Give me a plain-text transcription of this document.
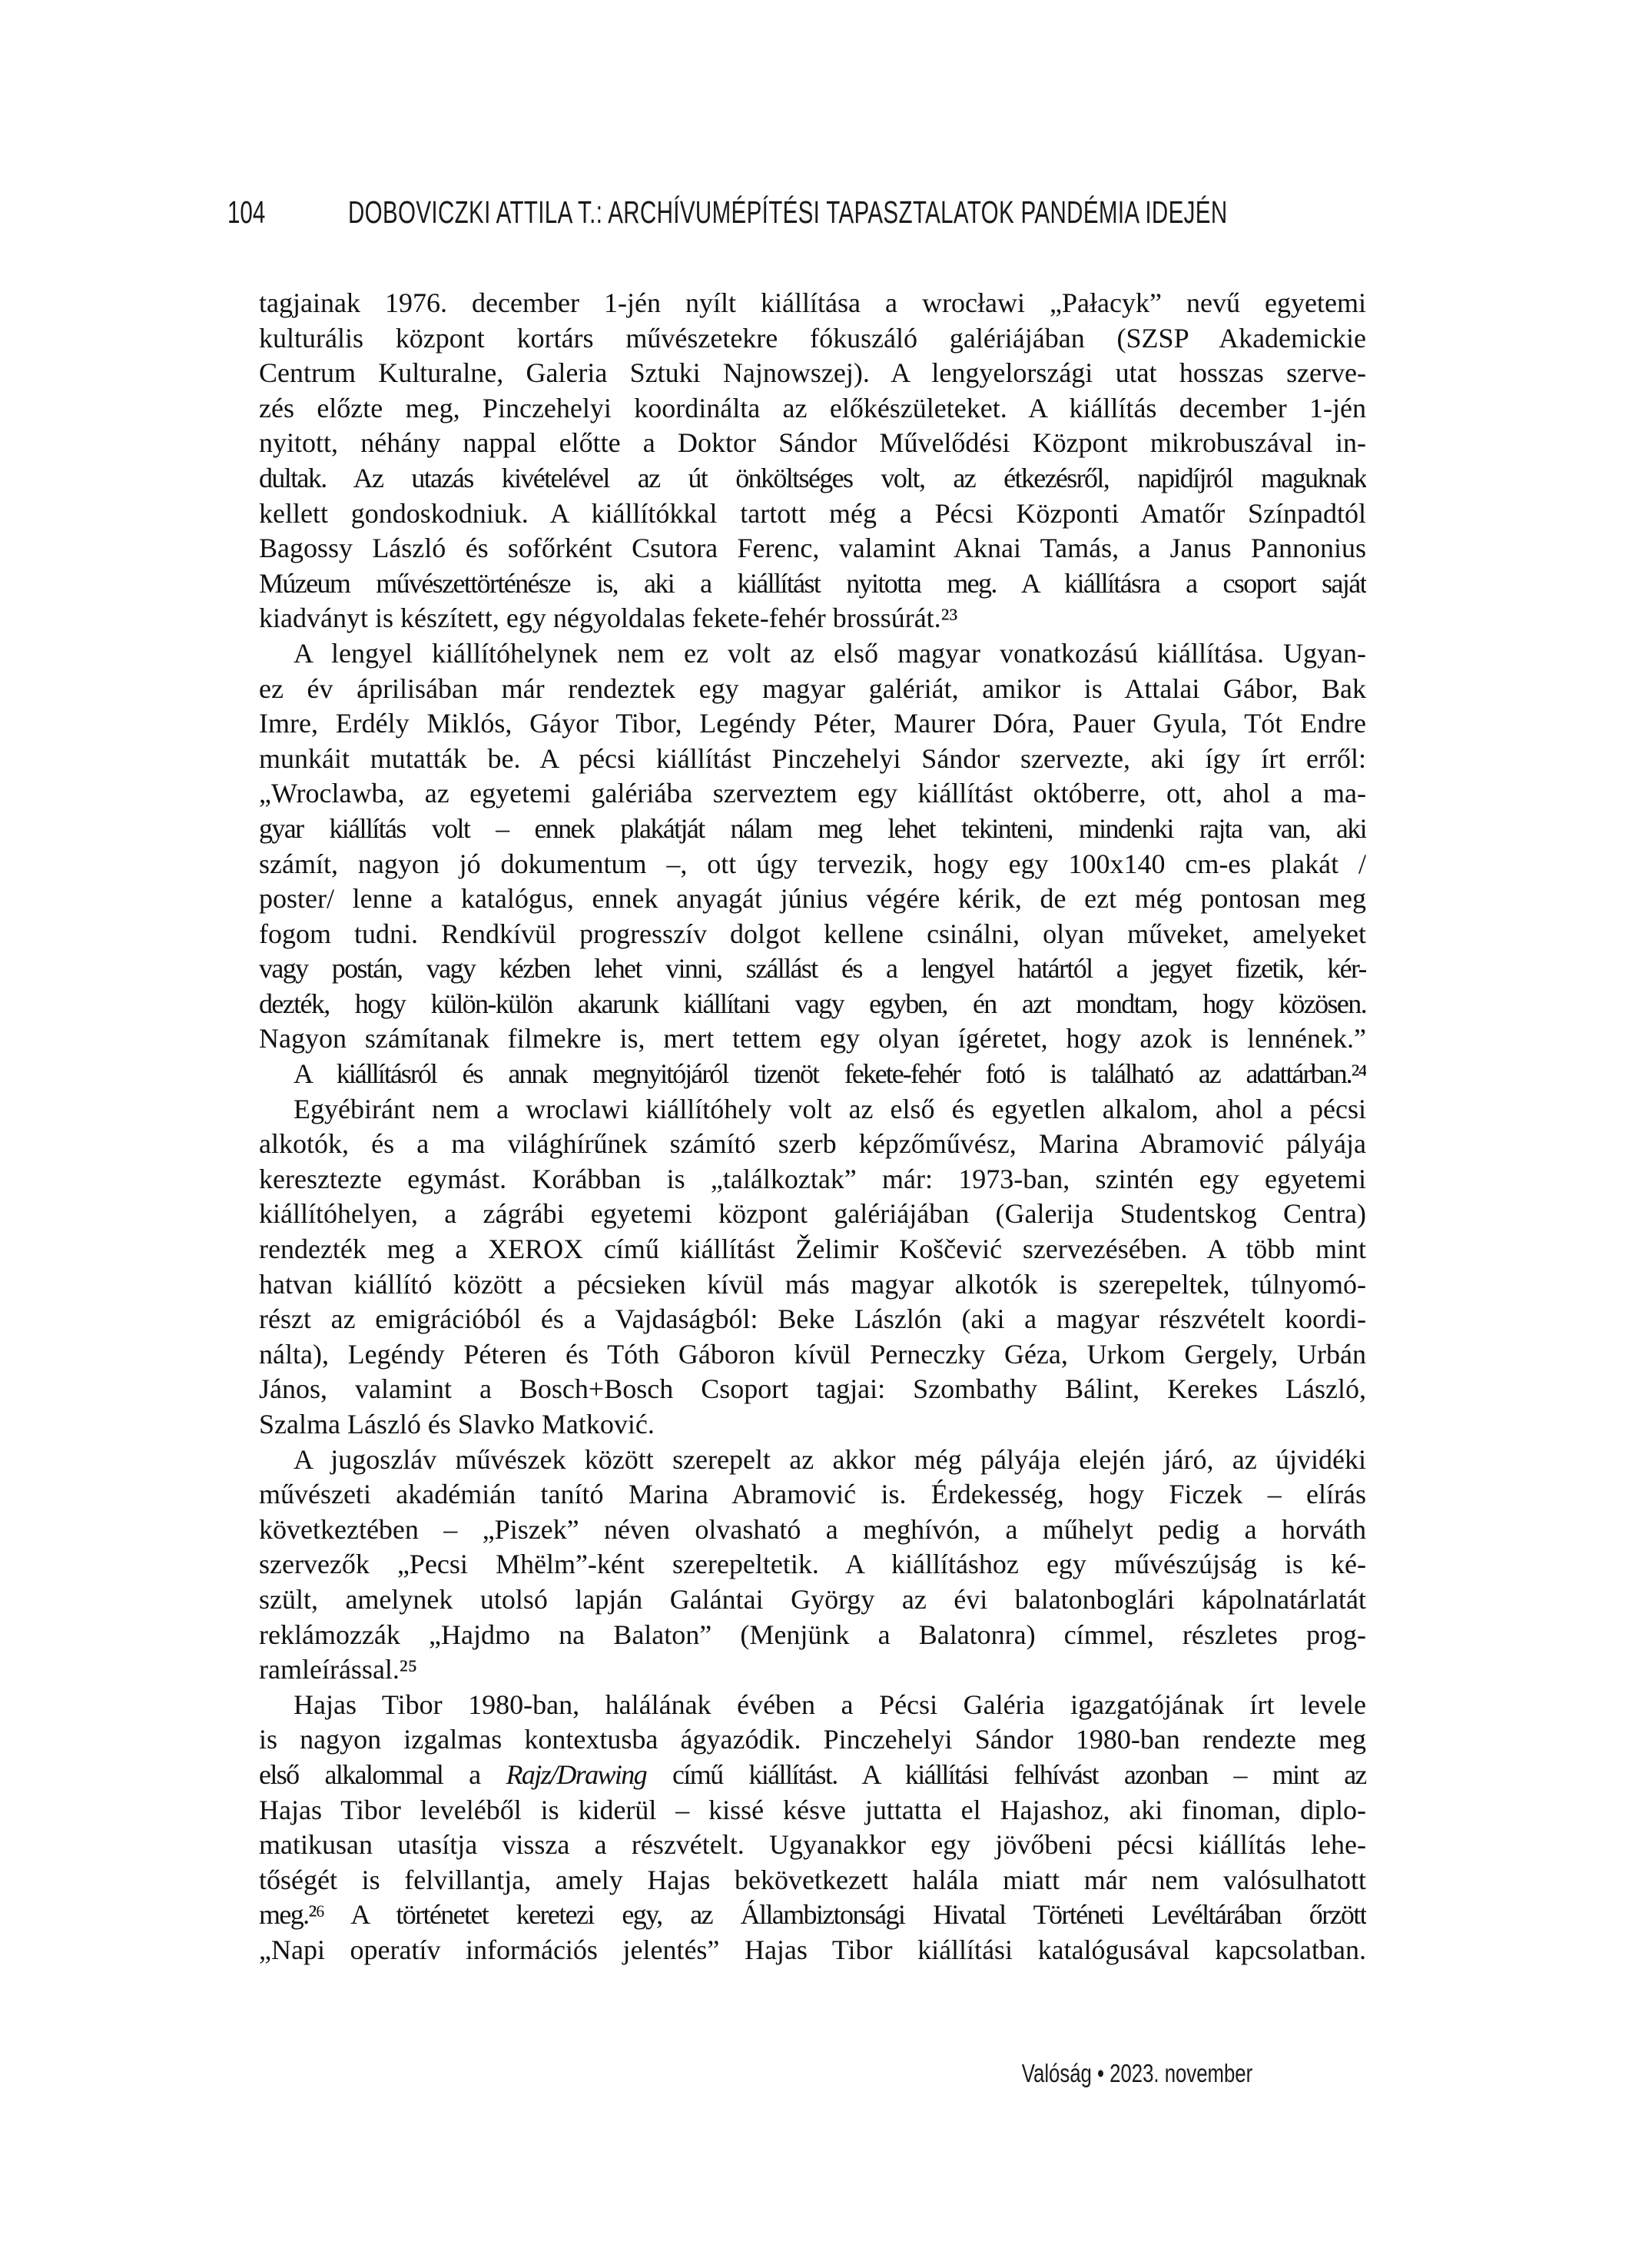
104	DOBOVICZKI ATTILA T.: ARCHÍVUMÉPÍTÉSI TAPASZTALATOK PANDÉMIA IDEJÉN
tagjainak 1976. december 1-jén nyílt kiállítása a wrocławi „Pałacyk” nevű egyetemi
kulturális központ kortárs művészetekre fókuszáló galériájában (SZSP Akademickie
Centrum Kulturalne, Galeria Sztuki Najnowszej). A lengyelországi utat hosszas szerve-
zés előzte meg, Pinczehelyi koordinálta az előkészületeket. A kiállítás december 1-jén
nyitott, néhány nappal előtte a Doktor Sándor Művelődési Központ mikrobuszával in-
dultak. Az utazás kivételével az út önköltséges volt, az étkezésről, napidíjról maguknak
kellett gondoskodniuk. A kiállítókkal tartott még a Pécsi Központi Amatőr Színpadtól
Bagossy László és sofőrként Csutora Ferenc, valamint Aknai Tamás, a Janus Pannonius
Múzeum művészettörténésze is, aki a kiállítást nyitotta meg. A kiállításra a csoport saját
kiadványt is készített, egy négyoldalas fekete-fehér brossúrát.²³
A lengyel kiállítóhelynek nem ez volt az első magyar vonatkozású kiállítása. Ugyan-
ez év áprilisában már rendeztek egy magyar galériát, amikor is Attalai Gábor, Bak
Imre, Erdély Miklós, Gáyor Tibor, Legéndy Péter, Maurer Dóra, Pauer Gyula, Tót Endre
munkáit mutatták be. A pécsi kiállítást Pinczehelyi Sándor szervezte, aki így írt erről:
„Wroclawba, az egyetemi galériába szerveztem egy kiállítást októberre, ott, ahol a ma-
gyar kiállítás volt – ennek plakátját nálam meg lehet tekinteni, mindenki rajta van, aki
számít, nagyon jó dokumentum –, ott úgy tervezik, hogy egy 100x140 cm-es plakát /
poster/ lenne a katalógus, ennek anyagát június végére kérik, de ezt még pontosan meg
fogom tudni. Rendkívül progresszív dolgot kellene csinálni, olyan műveket, amelyeket
vagy postán, vagy kézben lehet vinni, szállást és a lengyel határtól a jegyet fizetik, kér-
dezték, hogy külön-külön akarunk kiállítani vagy egyben, én azt mondtam, hogy közösen.
Nagyon számítanak filmekre is, mert tettem egy olyan ígéretet, hogy azok is lennének.”
A kiállításról és annak megnyitójáról tizenöt fekete-fehér fotó is található az adattárban.²⁴
Egyébiránt nem a wroclawi kiállítóhely volt az első és egyetlen alkalom, ahol a pécsi
alkotók, és a ma világhírűnek számító szerb képzőművész, Marina Abramović pályája
keresztezte egymást. Korábban is „találkoztak” már: 1973-ban, szintén egy egyetemi
kiállítóhelyen, a zágrábi egyetemi központ galériájában (Galerija Studentskog Centra)
rendezték meg a XEROX című kiállítást Želimir Koščević szervezésében. A több mint
hatvan kiállító között a pécsieken kívül más magyar alkotók is szerepeltek, túlnyomó-
részt az emigrációból és a Vajdaságból: Beke Lászlón (aki a magyar részvételt koordi-
nálta), Legéndy Péteren és Tóth Gáboron kívül Perneczky Géza, Urkom Gergely, Urbán
János, valamint a Bosch+Bosch Csoport tagjai: Szombathy Bálint, Kerekes László,
Szalma László és Slavko Matković.
A jugoszláv művészek között szerepelt az akkor még pályája elején járó, az újvidéki
művészeti akadémián tanító Marina Abramović is. Érdekesség, hogy Ficzek – elírás
következtében – „Piszek” néven olvasható a meghívón, a műhelyt pedig a horváth
szervezők „Pecsi Mhëlm”-ként szerepeltetik. A kiállításhoz egy művészújság is ké-
szült, amelynek utolsó lapján Galántai György az évi balatonboglári kápolnatárlatát
reklámozzák „Hajdmo na Balaton” (Menjünk a Balatonra) címmel, részletes prog-
ramleírással.²⁵
Hajas Tibor 1980-ban, halálának évében a Pécsi Galéria igazgatójának írt levele
is nagyon izgalmas kontextusba ágyazódik. Pinczehelyi Sándor 1980-ban rendezte meg
első alkalommal a Rajz/Drawing című kiállítást. A kiállítási felhívást azonban – mint az
Hajas Tibor leveléből is kiderül – kissé késve juttatta el Hajashoz, aki finoman, diplo-
matikusan utasítja vissza a részvételt. Ugyanakkor egy jövőbeni pécsi kiállítás lehe-
tőségét is felvillantja, amely Hajas bekövetkezett halála miatt már nem valósulhatott
meg.²⁶ A történetet keretezi egy, az Állambiztonsági Hivatal Történeti Levéltárában őrzött
„Napi operatív információs jelentés” Hajas Tibor kiállítási katalógusával kapcsolatban.
Valóság • 2023. november
